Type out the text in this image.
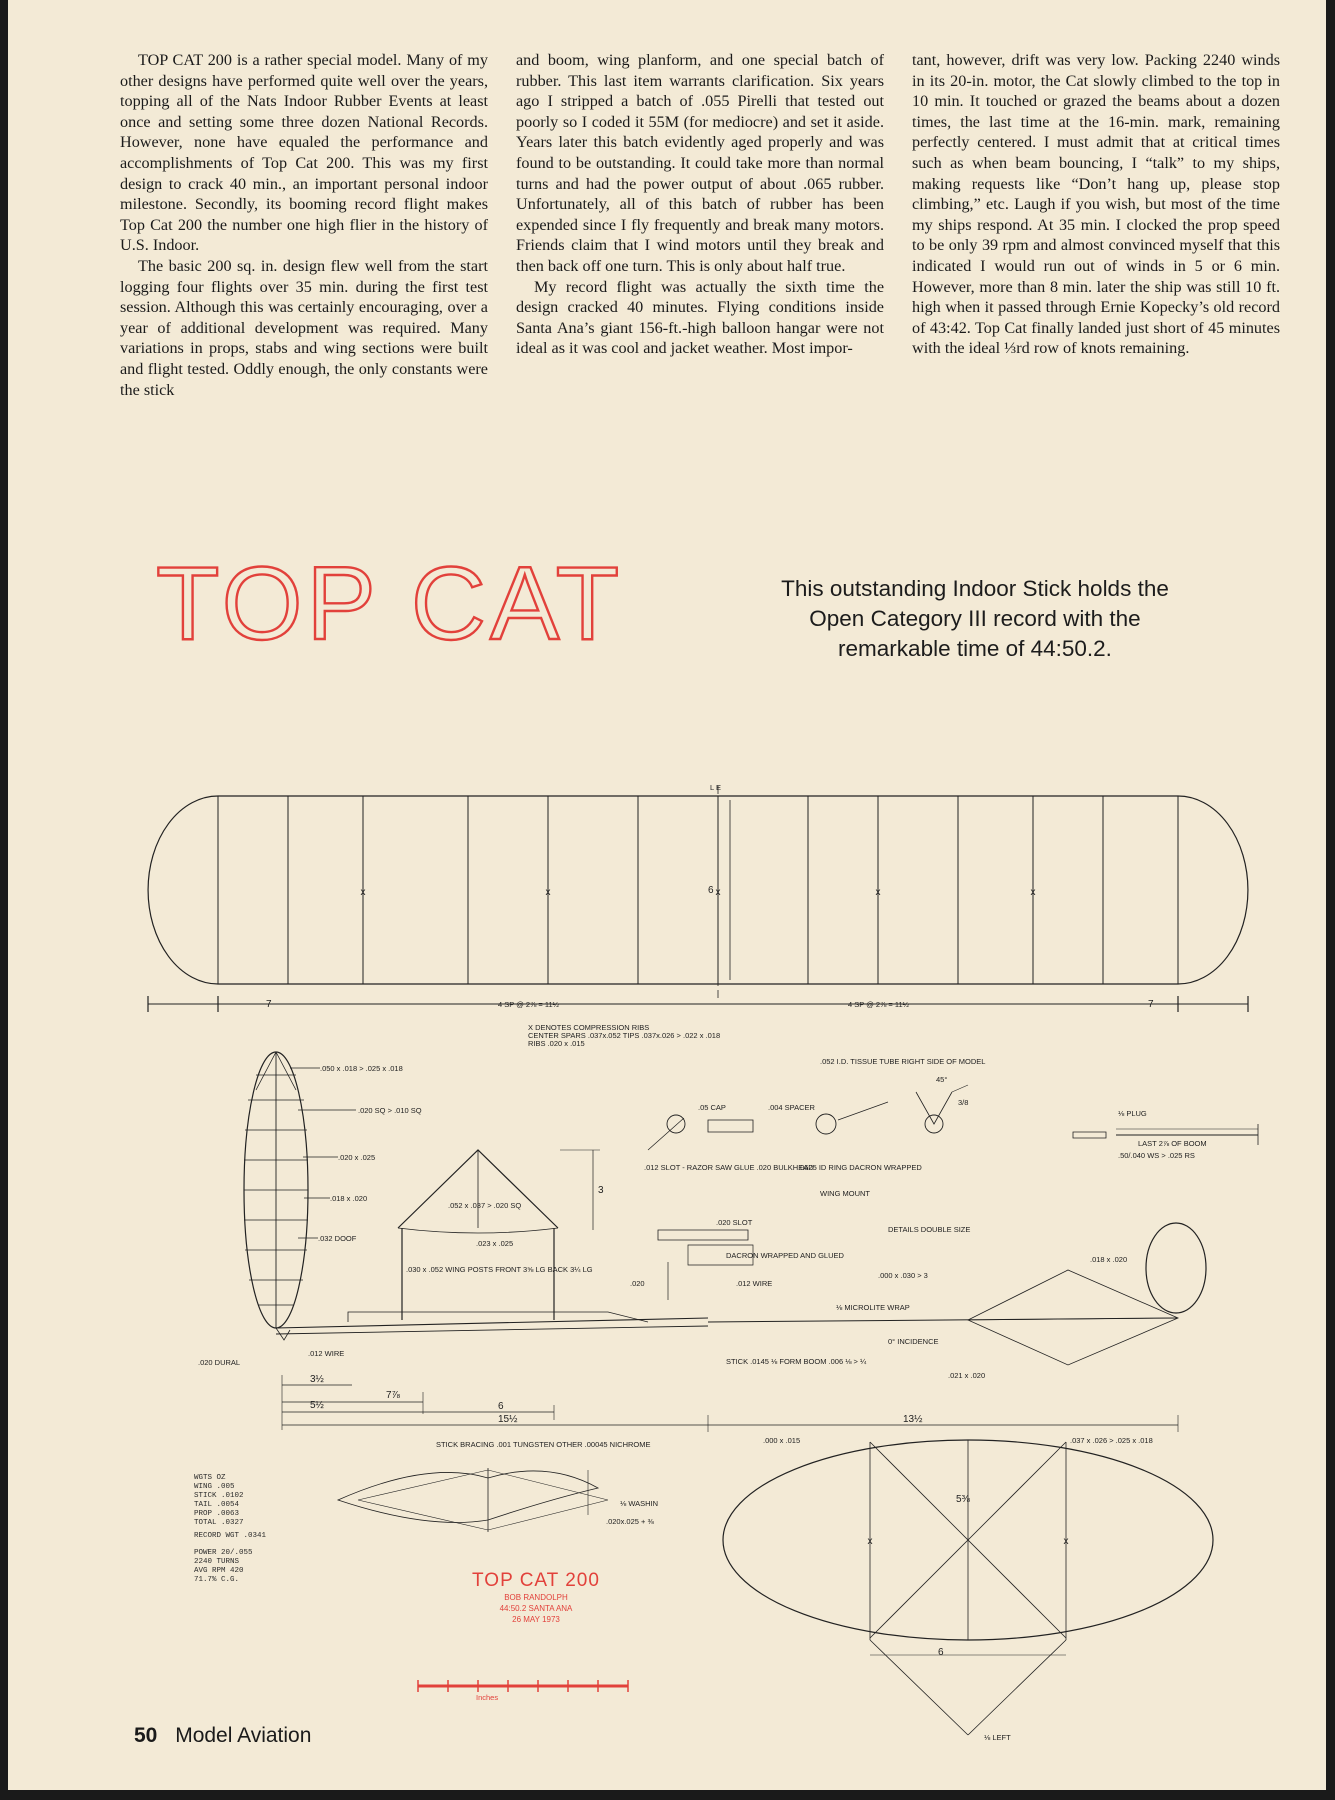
TOP CAT 200 is a rather special model. Many of my other designs have performed quite well over the years, topping all of the Nats Indoor Rubber Events at least once and setting some three dozen National Records. However, none have equaled the performance and accomplishments of Top Cat 200. This was my first design to crack 40 min., an important personal indoor milestone. Secondly, its booming record flight makes Top Cat 200 the number one high flier in the history of U.S. Indoor.

The basic 200 sq. in. design flew well from the start logging four flights over 35 min. during the first test session. Although this was certainly encouraging, over a year of additional development was required. Many variations in props, stabs and wing sections were built and flight tested. Oddly enough, the only constants were the stick

and boom, wing planform, and one special batch of rubber. This last item warrants clarification. Six years ago I stripped a batch of .055 Pirelli that tested out poorly so I coded it 55M (for mediocre) and set it aside. Years later this batch evidently aged properly and was found to be outstanding. It could take more than normal turns and had the power output of about .065 rubber. Unfortunately, all of this batch of rubber has been expended since I fly frequently and break many motors. Friends claim that I wind motors until they break and then back off one turn. This is only about half true.

My record flight was actually the sixth time the design cracked 40 minutes. Flying conditions inside Santa Ana’s giant 156-ft.-high balloon hangar were not ideal as it was cool and jacket weather. Most impor-

tant, however, drift was very low. Packing 2240 winds in its 20-in. motor, the Cat slowly climbed to the top in 10 min. It touched or grazed the beams about a dozen times, the last time at the 16-min. mark, remaining perfectly centered. I must admit that at critical times such as when beam bouncing, I “talk” to my ships, making requests like “Don’t hang up, please stop climbing,” etc. Laugh if you wish, but most of the time my ships respond. At 35 min. I clocked the prop speed to be only 39 rpm and almost convinced myself that this indicated I would run out of winds in 5 or 6 min. However, more than 8 min. later the ship was still 10 ft. high when it passed through Ernie Kopecky’s old record of 43:42. Top Cat finally landed just short of 45 minutes with the ideal ⅓rd row of knots remaining.

TOP CAT	This outstanding Indoor Stick holds the Open Category III record with the remarkable time of 44:50.2.
x	x	x	x	x
x	x
L E
4 SP @ 2⅞ = 11½	4 SP @ 2⅞ = 11½
7	7
6
X DENOTES COMPRESSION RIBS CENTER SPARS .037x.052 TIPS .037x.026 > .022 x .018 RIBS .020 x .015
.052 I.D. TISSUE TUBE RIGHT SIDE OF MODEL
.004 SPACER
.05 CAP
.012 SLOT - RAZOR SAW GLUE .020 BULKHEAD
.0625 ID RING DACRON WRAPPED
WING MOUNT
⅛ PLUG
LAST 2⅞ OF BOOM
.50/.040 WS > .025 RS
45°
3/8
DETAILS DOUBLE SIZE
.020 SLOT
DACRON WRAPPED AND GLUED
.012 WIRE
.020
.050 x .018 > .025 x .018
.020 SQ > .010 SQ
.020 x .025
.018 x .020
.032 DOOF
.030 x .052 WING POSTS FRONT 3⅝ LG BACK 3¼ LG
.052 x .037 > .020 SQ
.023 x .025
3
.020 DURAL
.012 WIRE
3½
7⅞
5½	6
15½	13½
.000 x .030 > 3
.018 x .020
⅛ MICROLITE WRAP
0° INCIDENCE
STICK .0145 ⅛ FORM BOOM .006 ⅛ > ¼
.021 x .020
STICK BRACING .001 TUNGSTEN OTHER .00045 NICHROME
⅛ WASHIN
.020x.025 + ⅜
.000 x .015	.037 x .026 > .025 x .018
5⅜
6
⅛ LEFT
Inches
WGTS OZ
WING .005
STICK .0102
TAIL .0054
PROP .0063
TOTAL .0327
RECORD WGT .0341
POWER 20/.055
2240 TURNS
AVG RPM 420
71.7% C.G.	TOP CAT 200
BOB RANDOLPH
44:50.2 SANTA ANA
26 MAY 1973
50 Model Aviation
